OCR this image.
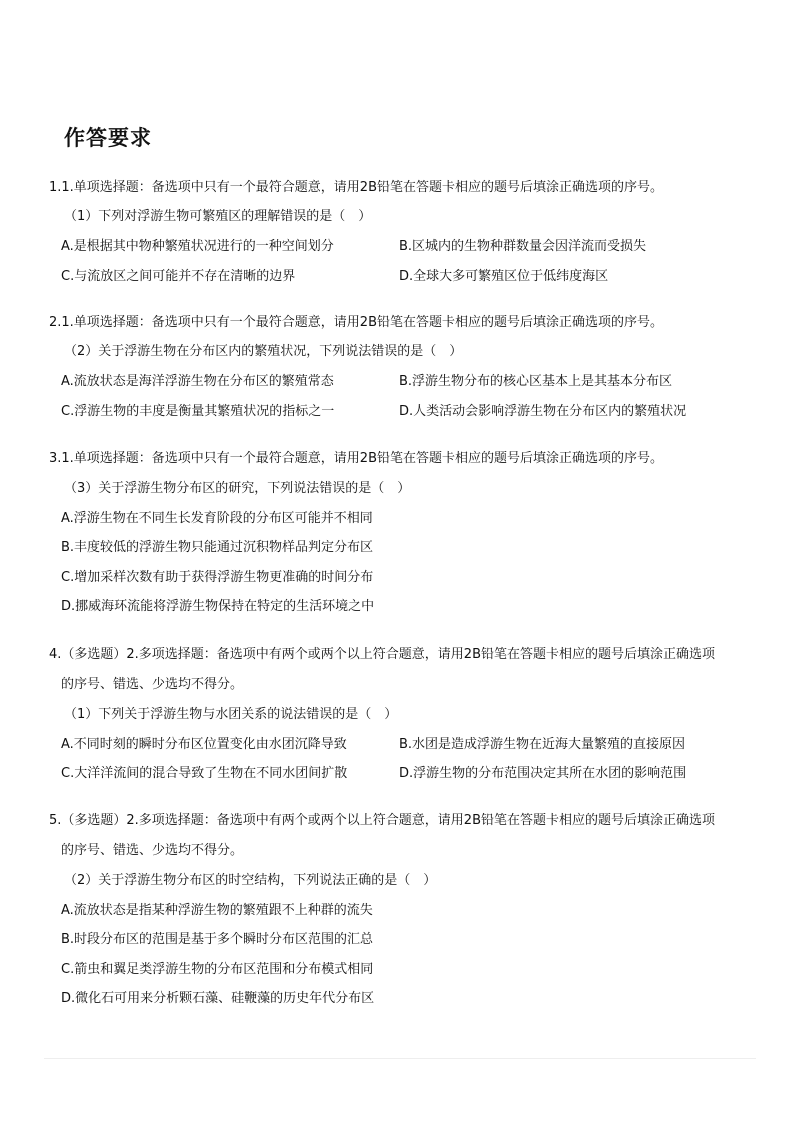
作答要求
1.1.单项选择题：备选项中只有一个最符合题意，请用2B铅笔在答题卡相应的题号后填涂正确选项的序号。
（1）下列对浮游生物可繁殖区的理解错误的是（　）
A.是根据其中物种繁殖状况进行的一种空间划分	B.区城内的生物种群数量会因洋流而受损失
C.与流放区之间可能并不存在清晰的边界	D.全球大多可繁殖区位于低纬度海区
2.1.单项选择题：备选项中只有一个最符合题意，请用2B铅笔在答题卡相应的题号后填涂正确选项的序号。
（2）关于浮游生物在分布区内的繁殖状况，下列说法错误的是（　）
A.流放状态是海洋浮游生物在分布区的繁殖常态	B.浮游生物分布的核心区基本上是其基本分布区
C.浮游生物的丰度是衡量其繁殖状况的指标之一	D.人类活动会影响浮游生物在分布区内的繁殖状况
3.1.单项选择题：备选项中只有一个最符合题意，请用2B铅笔在答题卡相应的题号后填涂正确选项的序号。
（3）关于浮游生物分布区的研究，下列说法错误的是（　）
A.浮游生物在不同生长发育阶段的分布区可能并不相同
B.丰度较低的浮游生物只能通过沉积物样品判定分布区
C.增加采样次数有助于获得浮游生物更准确的时间分布
D.挪威海环流能将浮游生物保持在特定的生活环境之中
4.（多选题）2.多项选择题：备选项中有两个或两个以上符合题意，请用2B铅笔在答题卡相应的题号后填涂正确选项
的序号、错选、少选均不得分。
（1）下列关于浮游生物与水团关系的说法错误的是（　）
A.不同时刻的瞬时分布区位置变化由水团沉降导致	B.水团是造成浮游生物在近海大量繁殖的直接原因
C.大洋洋流间的混合导致了生物在不同水团间扩散	D.浮游生物的分布范围决定其所在水团的影响范围
5.（多选题）2.多项选择题：备选项中有两个或两个以上符合题意，请用2B铅笔在答题卡相应的题号后填涂正确选项
的序号、错选、少选均不得分。
（2）关于浮游生物分布区的时空结构，下列说法正确的是（　）
A.流放状态是指某种浮游生物的繁殖跟不上种群的流失
B.时段分布区的范围是基于多个瞬时分布区范围的汇总
C.箭虫和翼足类浮游生物的分布区范围和分布模式相同
D.微化石可用来分析颗石藻、硅鞭藻的历史年代分布区
